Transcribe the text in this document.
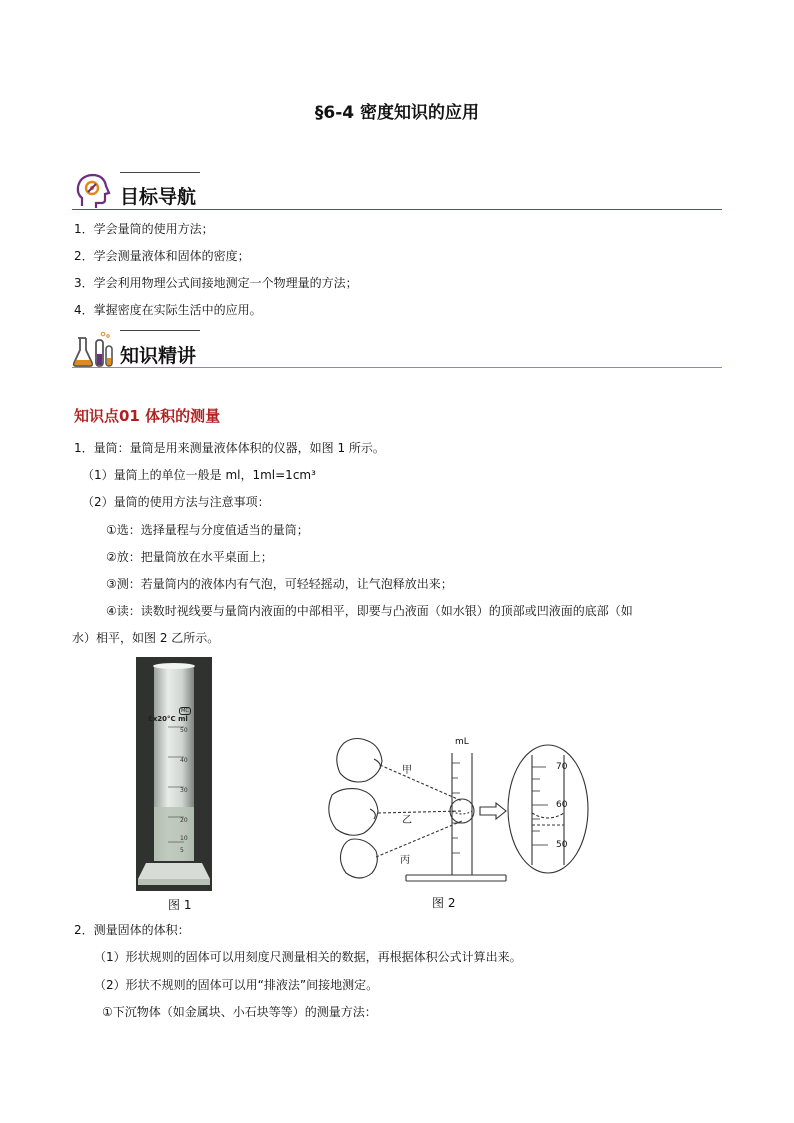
§6-4 密度知识的应用
目标导航
1．学会量筒的使用方法；
2．学会测量液体和固体的密度；
3．学会利用物理公式间接地测定一个物理量的方法；
4．掌握密度在实际生活中的应用。
知识精讲
知识点01 体积的测量
1．量筒：量筒是用来测量液体体积的仪器，如图 1 所示。
（1）量筒上的单位一般是 ml，1ml=1cm³
（2）量筒的使用方法与注意事项：
①选：选择量程与分度值适当的量筒；
②放：把量筒放在水平桌面上；
③测：若量筒内的液体内有气泡，可轻轻摇动，让气泡释放出来；
④读：读数时视线要与量筒内液面的中部相平，即要与凸液面（如水银）的顶部或凹液面的底部（如
水）相平，如图 2 乙所示。
Ex20°C ml
MC
50
40
30
20
10
5
图 1
mL
甲
乙
丙
70
60
50
图 2
2．测量固体的体积：
（1）形状规则的固体可以用刻度尺测量相关的数据，再根据体积公式计算出来。
（2）形状不规则的固体可以用“排液法”间接地测定。
①下沉物体（如金属块、小石块等等）的测量方法：
